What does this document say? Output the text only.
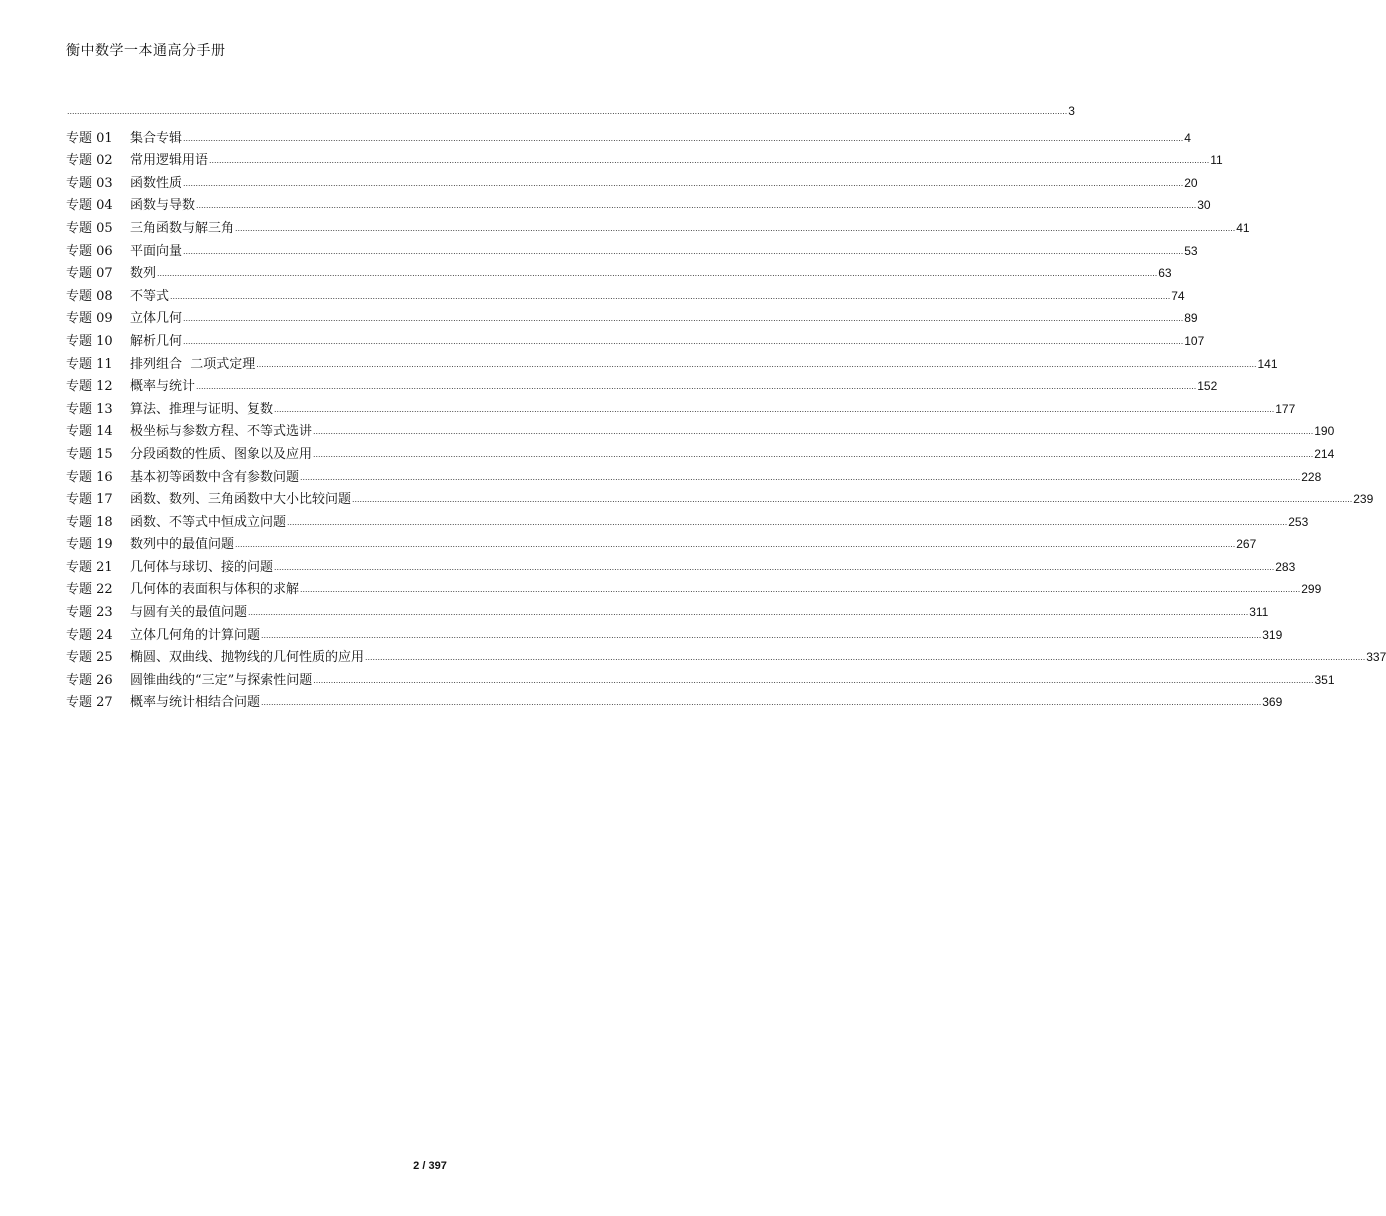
衡中数学一本通高分手册
................................................................................................................................................................................................................................................................................................................................................................................................................ 3
专题 01	集合专辑 ................................................................................................................................................................................................................................................................................................................................................................................................................ 4
专题 02	常用逻辑用语 ................................................................................................................................................................................................................................................................................................................................................................................................................ 11
专题 03	函数性质 ................................................................................................................................................................................................................................................................................................................................................................................................................ 20
专题 04	函数与导数 ................................................................................................................................................................................................................................................................................................................................................................................................................ 30
专题 05	三角函数与解三角 ................................................................................................................................................................................................................................................................................................................................................................................................................ 41
专题 06	平面向量 ................................................................................................................................................................................................................................................................................................................................................................................................................ 53
专题 07	数列 ................................................................................................................................................................................................................................................................................................................................................................................................................ 63
专题 08	不等式 ................................................................................................................................................................................................................................................................................................................................................................................................................ 74
专题 09	立体几何 ................................................................................................................................................................................................................................................................................................................................................................................................................ 89
专题 10	解析几何 ................................................................................................................................................................................................................................................................................................................................................................................................................ 107
专题 11	排列组合  二项式定理 ................................................................................................................................................................................................................................................................................................................................................................................................................ 141
专题 12	概率与统计 ................................................................................................................................................................................................................................................................................................................................................................................................................ 152
专题 13	算法、推理与证明、复数 ................................................................................................................................................................................................................................................................................................................................................................................................................ 177
专题 14	极坐标与参数方程、不等式选讲 ................................................................................................................................................................................................................................................................................................................................................................................................................ 190
专题 15	分段函数的性质、图象以及应用 ................................................................................................................................................................................................................................................................................................................................................................................................................ 214
专题 16	基本初等函数中含有参数问题 ................................................................................................................................................................................................................................................................................................................................................................................................................ 228
专题 17	函数、数列、三角函数中大小比较问题 ................................................................................................................................................................................................................................................................................................................................................................................................................ 239
专题 18	函数、不等式中恒成立问题 ................................................................................................................................................................................................................................................................................................................................................................................................................ 253
专题 19	数列中的最值问题 ................................................................................................................................................................................................................................................................................................................................................................................................................ 267
专题 21	几何体与球切、接的问题 ................................................................................................................................................................................................................................................................................................................................................................................................................ 283
专题 22	几何体的表面积与体积的求解 ................................................................................................................................................................................................................................................................................................................................................................................................................ 299
专题 23	与圆有关的最值问题 ................................................................................................................................................................................................................................................................................................................................................................................................................ 311
专题 24	立体几何角的计算问题 ................................................................................................................................................................................................................................................................................................................................................................................................................ 319
专题 25	椭圆、双曲线、抛物线的几何性质的应用 ................................................................................................................................................................................................................................................................................................................................................................................................................ 337
专题 26	圆锥曲线的“三定”与探索性问题 ................................................................................................................................................................................................................................................................................................................................................................................................................ 351
专题 27	概率与统计相结合问题 ................................................................................................................................................................................................................................................................................................................................................................................................................ 369
2 / 397
